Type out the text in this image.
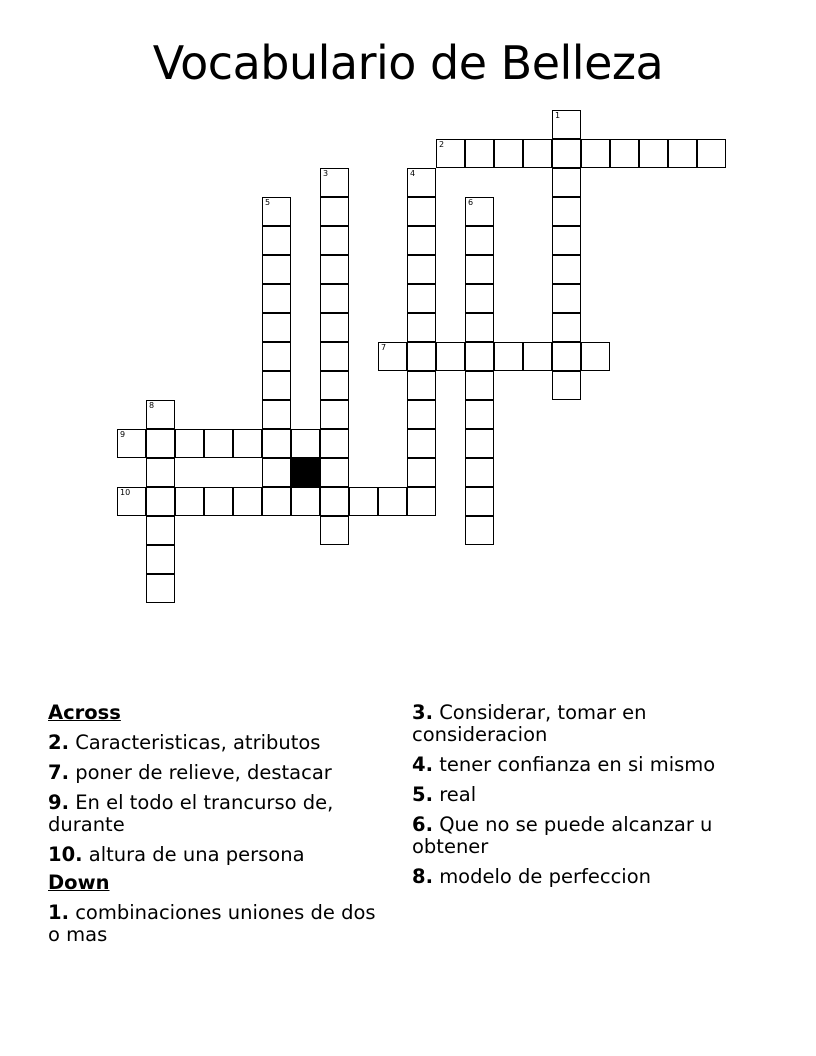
Vocabulario de Belleza
2
7
9
10
1
3	4
5	6
8
Across
2. Caracteristicas, atributos
7. poner de relieve, destacar
9. En el todo el trancurso de, durante
10. altura de una persona
Down
1. combinaciones uniones de dos o mas
3. Considerar, tomar en consideracion
4. tener confianza en si mismo
5. real
6. Que no se puede alcanzar u obtener
8. modelo de perfeccion
